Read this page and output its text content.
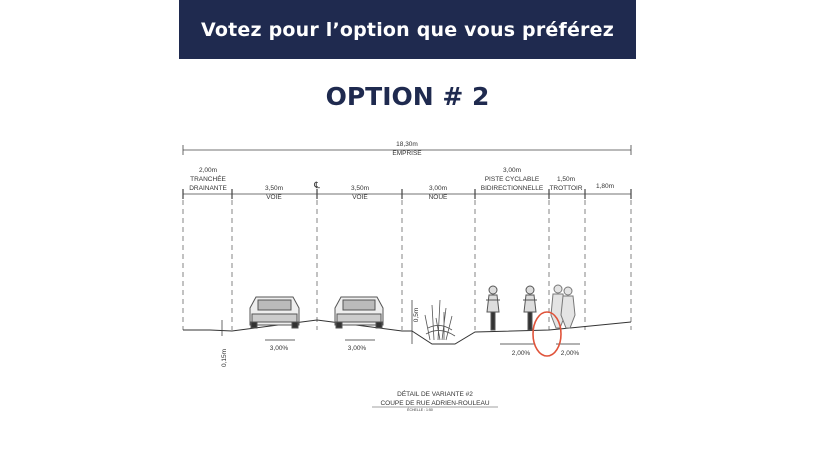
Votez pour l’option que vous préférez
OPTION # 2
18,30m
EMPRISE
2,00m
TRANCHÉE
DRAINANTE	3,50m
VOIE
℄	3,50m
VOIE
3,00m
NOUE
3,00m
PISTE CYCLABLE
BIDIRECTIONNELLE
1,50m
TROTTOIR 1,80m
3,00%	3,00%
2,00%	2,00%
DÉTAIL DE VARIANTE #2
COUPE DE RUE ADRIEN-ROULEAU
ÉCHELLE : 1:50
0,15m
0,5m
